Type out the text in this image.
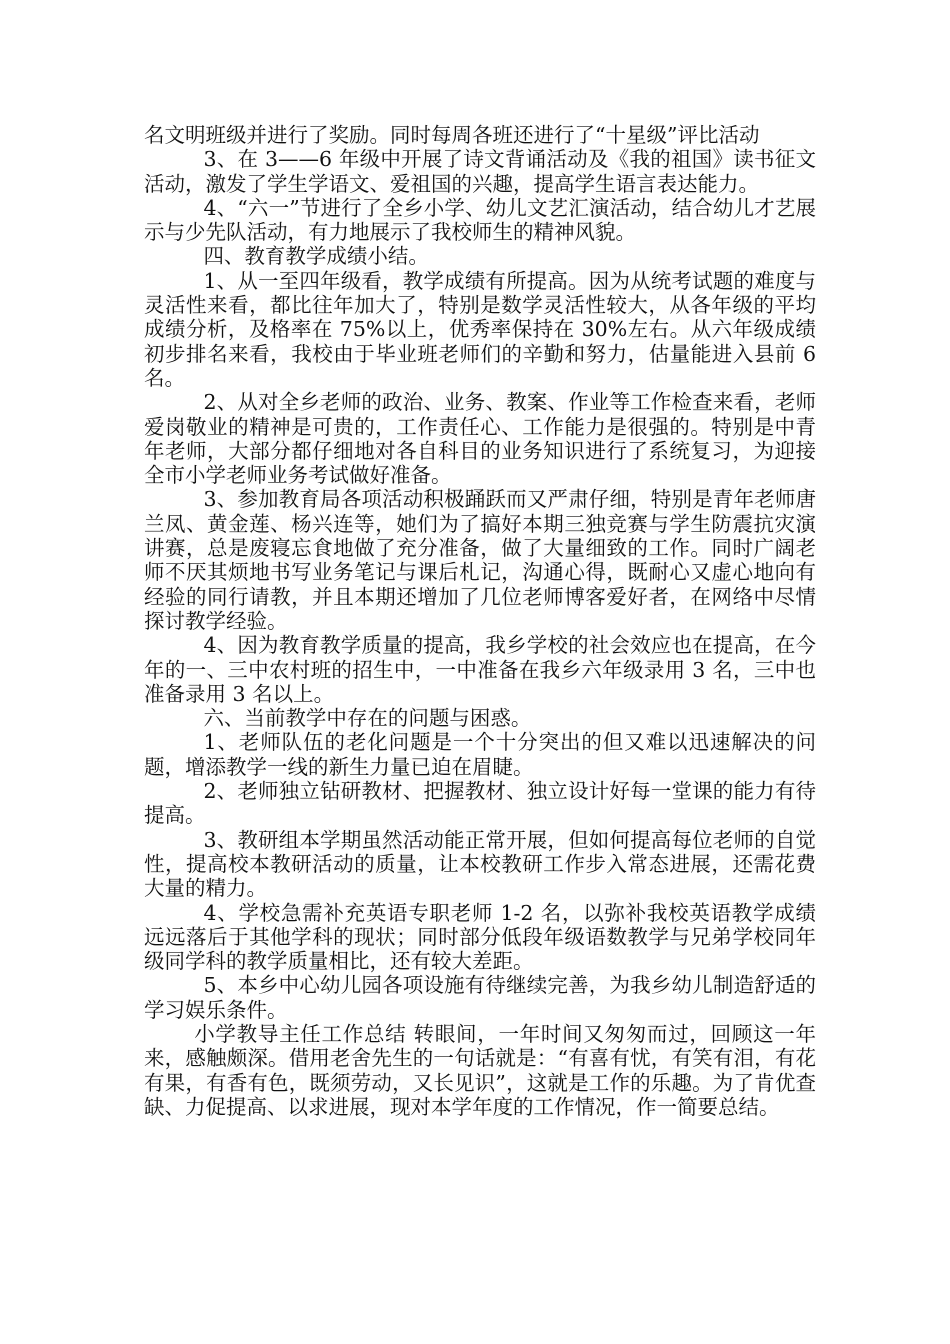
名文明班级并进行了奖励。同时每周各班还进行了“十星级”评比活动

3、在 3——6 年级中开展了诗文背诵活动及《我的祖国》读书征文活动，激发了学生学语文、爱祖国的兴趣，提高学生语言表达能力。

4、“六一”节进行了全乡小学、幼儿文艺汇演活动，结合幼儿才艺展示与少先队活动，有力地展示了我校师生的精神风貌。

四、教育教学成绩小结。

1、从一至四年级看，教学成绩有所提高。因为从统考试题的难度与灵活性来看，都比往年加大了，特别是数学灵活性较大，从各年级的平均成绩分析，及格率在 75%以上，优秀率保持在 30%左右。从六年级成绩初步排名来看，我校由于毕业班老师们的辛勤和努力，估量能进入县前 6 名。

2、从对全乡老师的政治、业务、教案、作业等工作检查来看，老师爱岗敬业的精神是可贵的，工作责任心、工作能力是很强的。特别是中青年老师，大部分都仔细地对各自科目的业务知识进行了系统复习，为迎接全市小学老师业务考试做好准备。

3、参加教育局各项活动积极踊跃而又严肃仔细，特别是青年老师唐兰凤、黄金莲、杨兴连等，她们为了搞好本期三独竞赛与学生防震抗灾演讲赛，总是废寝忘食地做了充分准备，做了大量细致的工作。同时广阔老师不厌其烦地书写业务笔记与课后札记，沟通心得，既耐心又虚心地向有经验的同行请教，并且本期还增加了几位老师博客爱好者，在网络中尽情探讨教学经验。

4、因为教育教学质量的提高，我乡学校的社会效应也在提高，在今年的一、三中农村班的招生中，一中准备在我乡六年级录用 3 名，三中也准备录用 3 名以上。

六、当前教学中存在的问题与困惑。

1、老师队伍的老化问题是一个十分突出的但又难以迅速解决的问题，增添教学一线的新生力量已迫在眉睫。

2、老师独立钻研教材、把握教材、独立设计好每一堂课的能力有待提高。

3、教研组本学期虽然活动能正常开展，但如何提高每位老师的自觉性，提高校本教研活动的质量，让本校教研工作步入常态进展，还需花费大量的精力。

4、学校急需补充英语专职老师 1-2 名，以弥补我校英语教学成绩远远落后于其他学科的现状；同时部分低段年级语数教学与兄弟学校同年级同学科的教学质量相比，还有较大差距。

5、本乡中心幼儿园各项设施有待继续完善，为我乡幼儿制造舒适的学习娱乐条件。

小学教导主任工作总结 转眼间，一年时间又匆匆而过，回顾这一年来，感触颇深。借用老舍先生的一句话就是：“有喜有忧，有笑有泪，有花有果，有香有色，既须劳动，又长见识”，这就是工作的乐趣。为了肯优查缺、力促提高、以求进展，现对本学年度的工作情况，作一简要总结。
